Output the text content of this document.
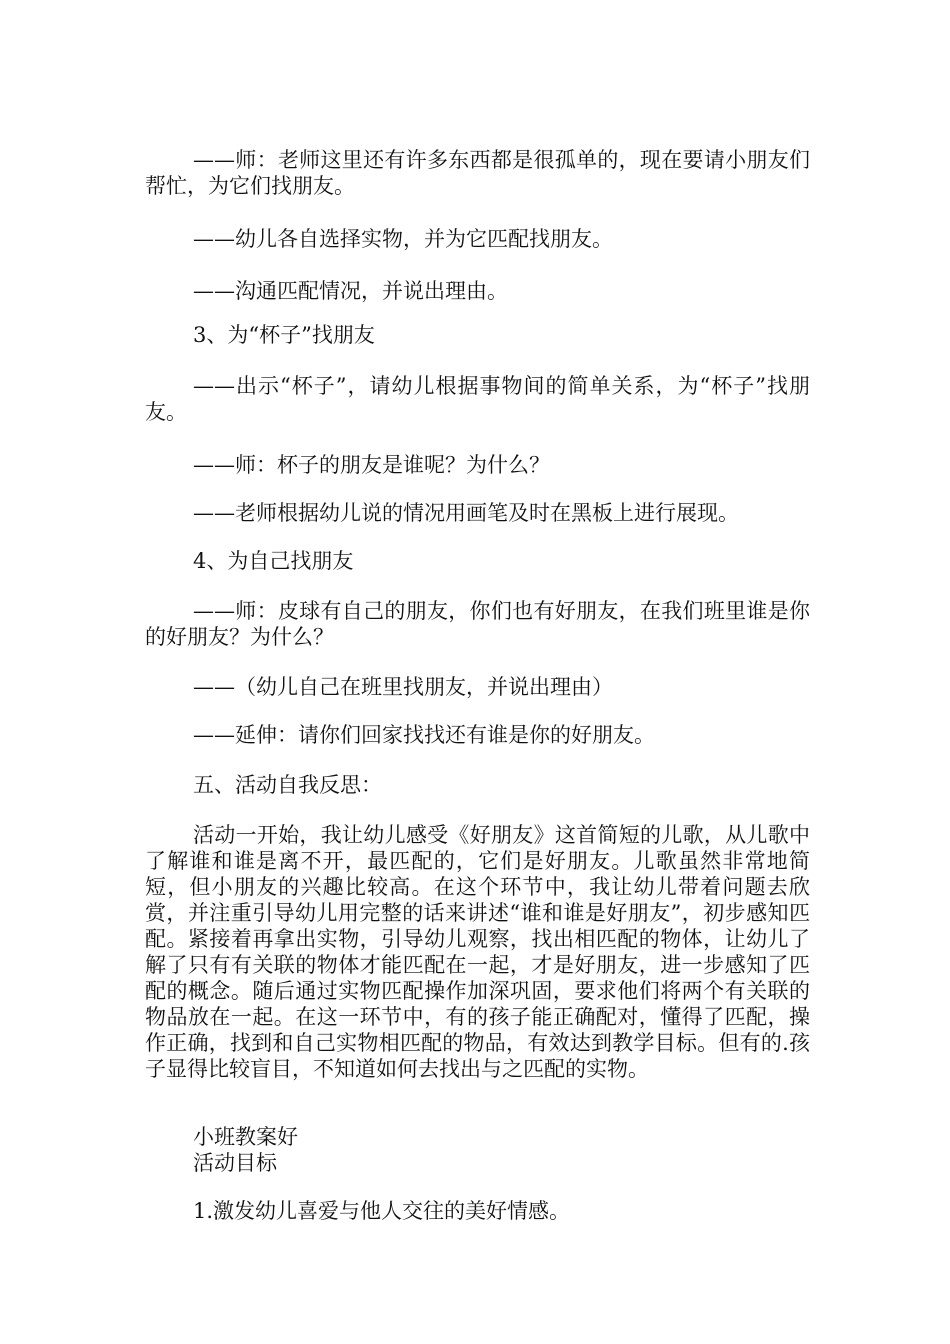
——师：老师这里还有许多东西都是很孤单的，现在要请小朋友们帮忙，为它们找朋友。

——幼儿各自选择实物，并为它匹配找朋友。

——沟通匹配情况，并说出理由。

3、为“杯子”找朋友

——出示“杯子”，请幼儿根据事物间的简单关系，为“杯子”找朋友。

——师：杯子的朋友是谁呢？为什么？

——老师根据幼儿说的情况用画笔及时在黑板上进行展现。

4、为自己找朋友

——师：皮球有自己的朋友，你们也有好朋友，在我们班里谁是你的好朋友？为什么？

——（幼儿自己在班里找朋友，并说出理由）

——延伸：请你们回家找找还有谁是你的好朋友。

五、活动自我反思：

活动一开始，我让幼儿感受《好朋友》这首简短的儿歌，从儿歌中了解谁和谁是离不开，最匹配的，它们是好朋友。儿歌虽然非常地简短，但小朋友的兴趣比较高。在这个环节中，我让幼儿带着问题去欣赏，并注重引导幼儿用完整的话来讲述“谁和谁是好朋友”，初步感知匹配。紧接着再拿出实物，引导幼儿观察，找出相匹配的物体，让幼儿了解了只有有关联的物体才能匹配在一起，才是好朋友，进一步感知了匹配的概念。随后通过实物匹配操作加深巩固，要求他们将两个有关联的物品放在一起。在这一环节中，有的孩子能正确配对，懂得了匹配，操作正确，找到和自己实物相匹配的物品，有效达到教学目标。但有的.孩子显得比较盲目，不知道如何去找出与之匹配的实物。

小班教案好

活动目标

1.激发幼儿喜爱与他人交往的美好情感。
